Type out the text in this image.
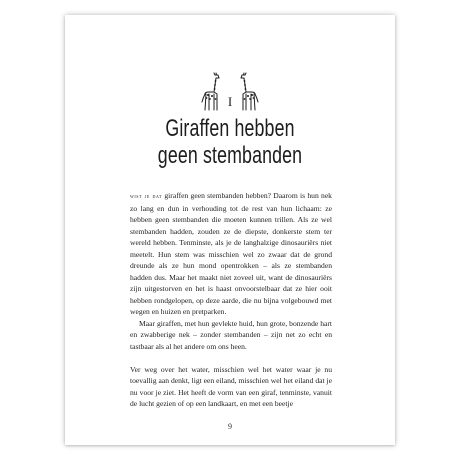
I
Giraffen hebben
geen stembanden

wist je dat giraffen geen stembanden hebben? Daarom is hun nek zo lang en dun in verhouding tot de rest van hun lichaam: ze hebben geen stembanden die moeten kunnen trillen. Als ze wel stembanden hadden, zouden ze de diepste, donkerste stem ter wereld hebben. Tenminste, als je de langhalzige dinosauriërs niet meetelt. Hun stem was misschien wel zo zwaar dat de grond dreunde als ze hun mond opentrokken – als ze stembanden hadden dus. Maar het maakt niet zoveel uit, want de dinosauriërs zijn uitgestorven en het is haast onvoorstelbaar dat ze hier ooit hebben rondgelopen, op deze aarde, die nu bijna volgebouwd met wegen en huizen en pretparken.

Maar giraffen, met hun gevlekte huid, hun grote, bonzende hart en zwabberige nek – zonder stembanden – zijn net zo echt en tastbaar als al het andere om ons heen.

Ver weg over het water, misschien wel het water waar je nu toevallig aan denkt, ligt een eiland, misschien wel het eiland dat je nu voor je ziet. Het heeft de vorm van een giraf, tenminste, vanuit de lucht gezien of op een landkaart, en met een beetje

9
